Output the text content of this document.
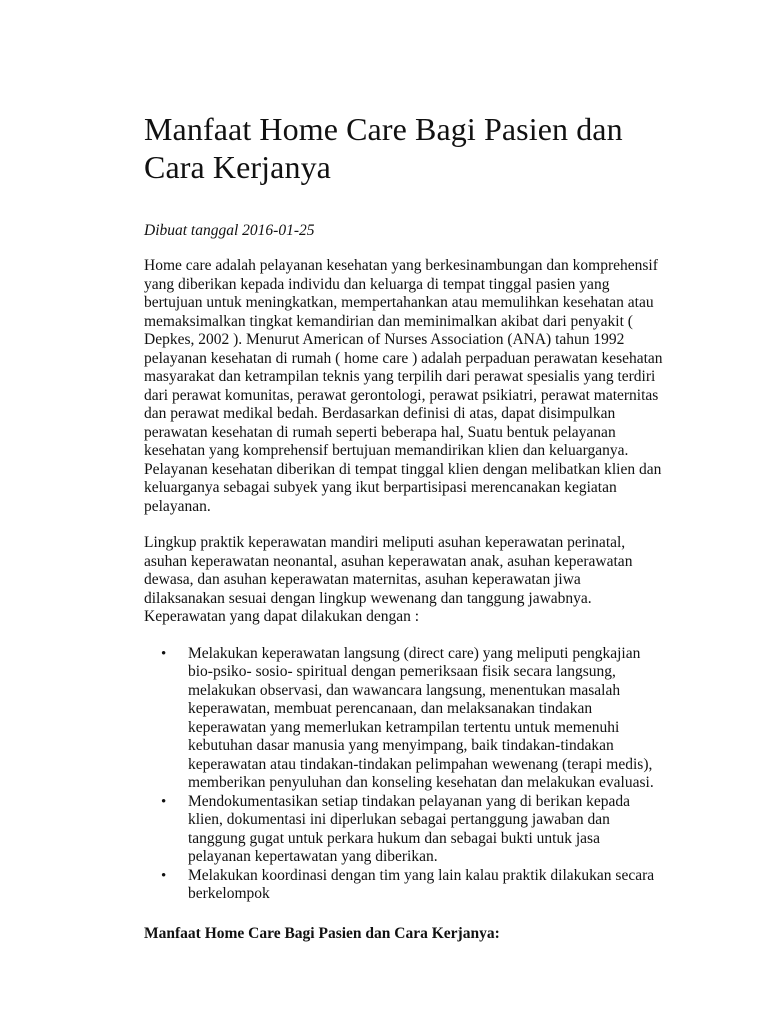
Manfaat Home Care Bagi Pasien dan Cara Kerjanya

Dibuat tanggal 2016-01-25

Home care adalah pelayanan kesehatan yang berkesinambungan dan komprehensif yang diberikan kepada individu dan keluarga di tempat tinggal pasien yang bertujuan untuk meningkatkan, mempertahankan atau memulihkan kesehatan atau memaksimalkan tingkat kemandirian dan meminimalkan akibat dari penyakit ( Depkes, 2002 ). Menurut American of Nurses Association (ANA) tahun 1992 pelayanan kesehatan di rumah ( home care ) adalah perpaduan perawatan kesehatan masyarakat dan ketrampilan teknis yang terpilih dari perawat spesialis yang terdiri dari perawat komunitas, perawat gerontologi, perawat psikiatri, perawat maternitas dan perawat medikal bedah. Berdasarkan definisi di atas, dapat disimpulkan perawatan kesehatan di rumah seperti beberapa hal, Suatu bentuk pelayanan kesehatan yang komprehensif bertujuan memandirikan klien dan keluarganya. Pelayanan kesehatan diberikan di tempat tinggal klien dengan melibatkan klien dan keluarganya sebagai subyek yang ikut berpartisipasi merencanakan kegiatan pelayanan.

Lingkup praktik keperawatan mandiri meliputi asuhan keperawatan perinatal, asuhan keperawatan neonantal, asuhan keperawatan anak, asuhan keperawatan dewasa, dan asuhan keperawatan maternitas, asuhan keperawatan jiwa dilaksanakan sesuai dengan lingkup wewenang dan tanggung jawabnya.

Keperawatan yang dapat dilakukan dengan :

• Melakukan keperawatan langsung (direct care) yang meliputi pengkajian bio-psiko- sosio- spiritual dengan pemeriksaan fisik secara langsung, melakukan observasi, dan wawancara langsung, menentukan masalah keperawatan, membuat perencanaan, dan melaksanakan tindakan keperawatan yang memerlukan ketrampilan tertentu untuk memenuhi kebutuhan dasar manusia yang menyimpang, baik tindakan-tindakan keperawatan atau tindakan-tindakan pelimpahan wewenang (terapi medis), memberikan penyuluhan dan konseling kesehatan dan melakukan evaluasi.
• Mendokumentasikan setiap tindakan pelayanan yang di berikan kepada klien, dokumentasi ini diperlukan sebagai pertanggung jawaban dan tanggung gugat untuk perkara hukum dan sebagai bukti untuk jasa pelayanan kepertawatan yang diberikan.
• Melakukan koordinasi dengan tim yang lain kalau praktik dilakukan secara berkelompok

Manfaat Home Care Bagi Pasien dan Cara Kerjanya:
